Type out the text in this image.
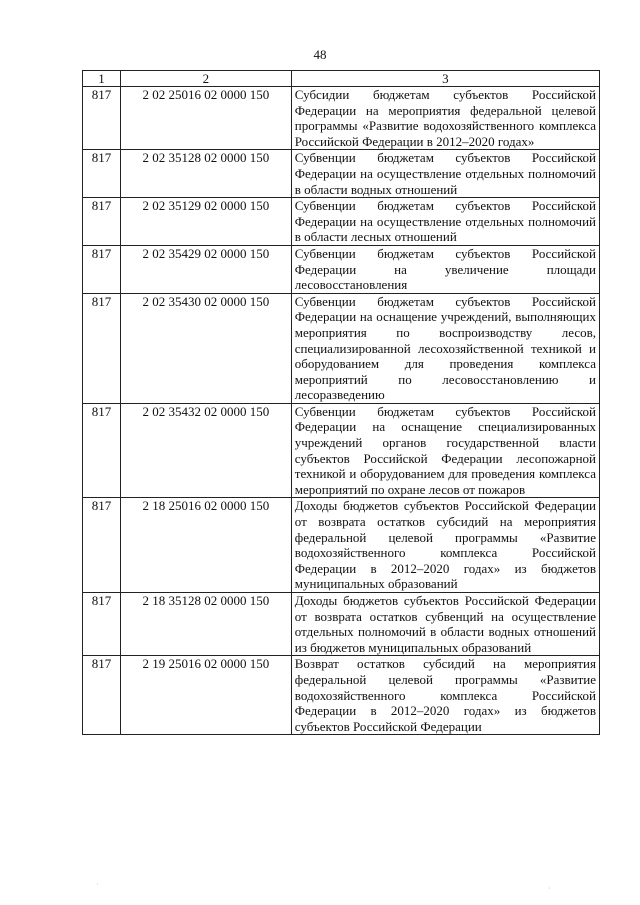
48
1	2	3
817	2 02 25016 02 0000 150	Субсидии бюджетам субъектов Российской Федерации на мероприятия федеральной целевой программы «Развитие водохозяйственного комплекса Российской Федерации в 2012–2020 годах»
817	2 02 35128 02 0000 150	Субвенции бюджетам субъектов Российской Федерации на осуществление отдельных полномочий в области водных отношений
817	2 02 35129 02 0000 150	Субвенции бюджетам субъектов Российской Федерации на осуществление отдельных полномочий в области лесных отношений
817	2 02 35429 02 0000 150	Субвенции бюджетам субъектов Российской Федерации на увеличение площади лесовосстановления
817	2 02 35430 02 0000 150	Субвенции бюджетам субъектов Российской Федерации на оснащение учреждений, выполняющих мероприятия по воспроизводству лесов, специализированной лесохозяйственной техникой и оборудованием для проведения комплекса мероприятий по лесовосстановлению и лесоразведению
817	2 02 35432 02 0000 150	Субвенции бюджетам субъектов Российской Федерации на оснащение специализированных учреждений органов государственной власти субъектов Российской Федерации лесопожарной техникой и оборудованием для проведения комплекса мероприятий по охране лесов от пожаров
817	2 18 25016 02 0000 150	Доходы бюджетов субъектов Российской Федерации от возврата остатков субсидий на мероприятия федеральной целевой программы «Развитие водохозяйственного комплекса Российской Федерации в 2012–2020 годах» из бюджетов муниципальных образований
817	2 18 35128 02 0000 150	Доходы бюджетов субъектов Российской Федерации от возврата остатков субвенций на осуществление отдельных полномочий в области водных отношений из бюджетов муниципальных образований
817	2 19 25016 02 0000 150	Возврат остатков субсидий на мероприятия федеральной целевой программы «Развитие водохозяйственного комплекса Российской Федерации в 2012–2020 годах» из бюджетов субъектов Российской Федерации
·	·
